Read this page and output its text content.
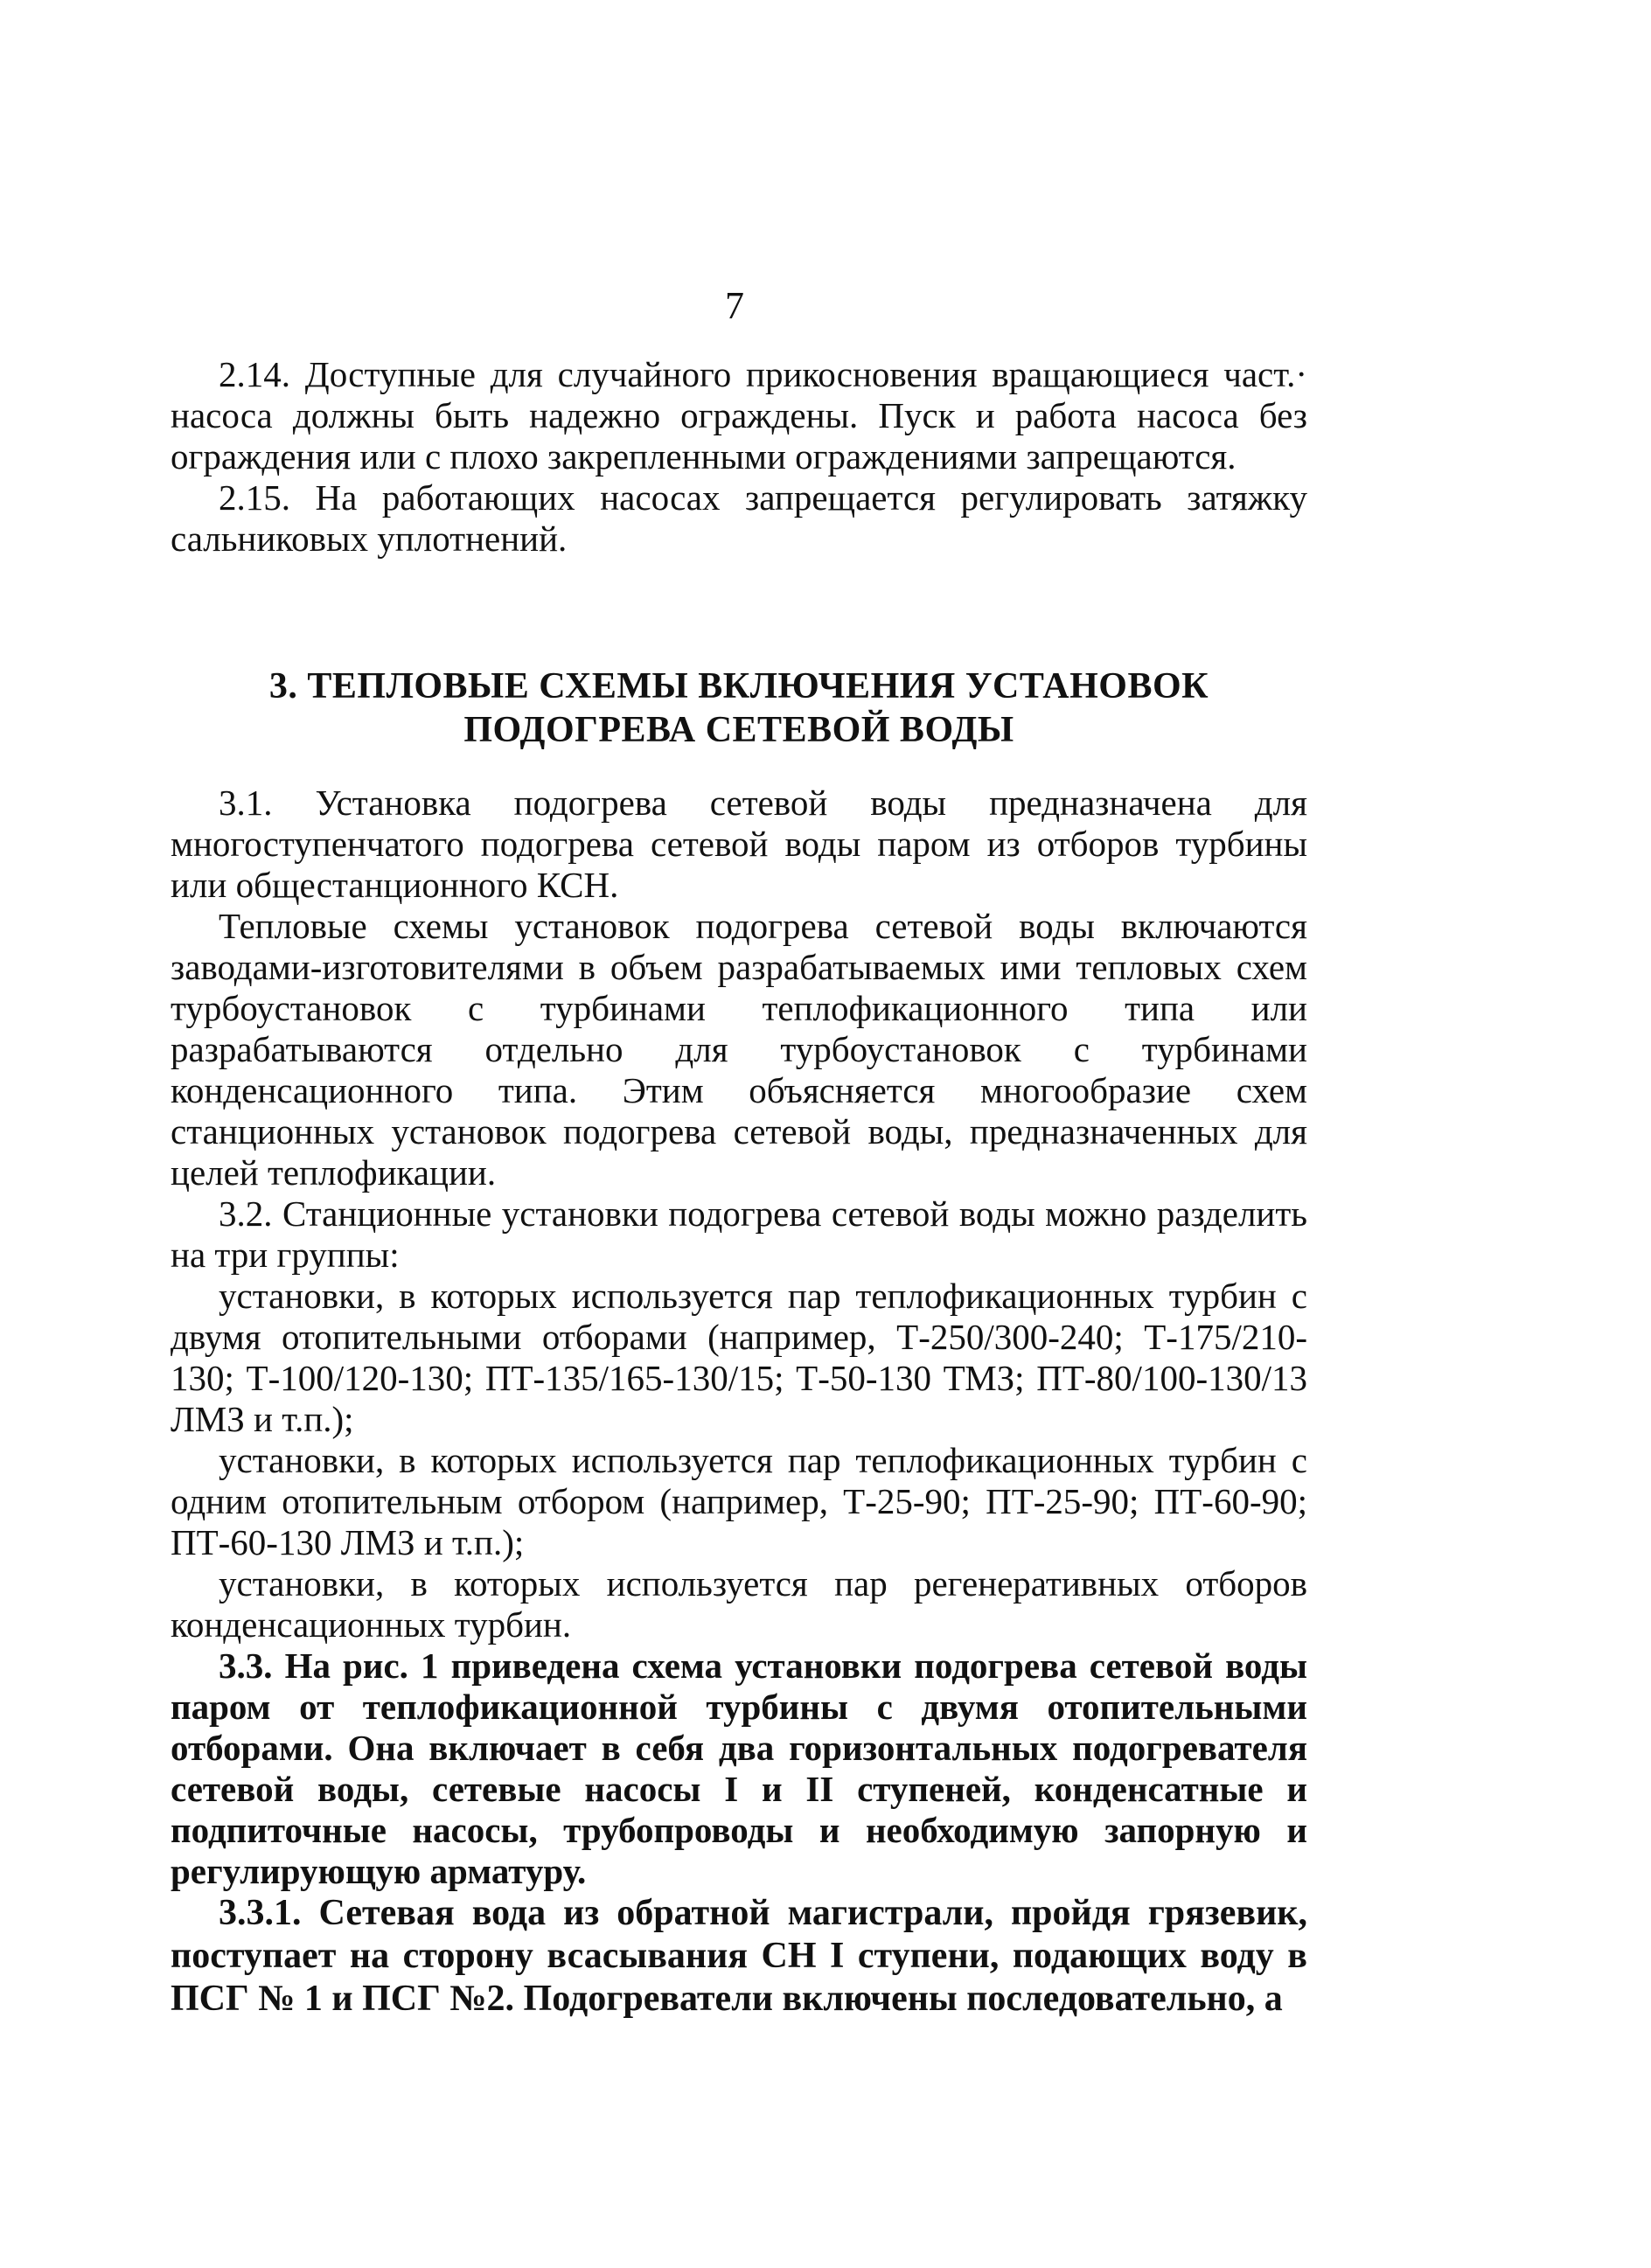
7

2.14. Доступные для случайного прикосновения вращающиеся част.· насоса должны быть надежно ограждены. Пуск и работа насоса без ограждения или с плохо закрепленными ограждениями запрещаются.

2.15. На работающих насосах запрещается регулировать затяжку сальниковых уплотнений.

3. ТЕПЛОВЫЕ СХЕМЫ ВКЛЮЧЕНИЯ УСТАНОВОК
ПОДОГРЕВА СЕТЕВОЙ ВОДЫ

3.1. Установка подогрева сетевой воды предназначена для многоступенчатого подогрева сетевой воды паром из отборов турбины или общестанционного КСН.

Тепловые схемы установок подогрева сетевой воды включаются заводами-изготовителями в объем разрабатываемых ими тепловых схем турбоустановок с турбинами теплофикационного типа или разрабатываются отдельно для турбоустановок с турбинами конденсационного типа. Этим объясняется многообразие схем станционных установок подогрева сетевой воды, предназначенных для целей теплофикации.

3.2. Станционные установки подогрева сетевой воды можно разделить на три группы:

установки, в которых используется пар теплофикационных турбин с двумя отопительными отборами (например, Т-250/300-240; Т-175/210-130; Т-100/120-130; ПТ-135/165-130/15; Т-50-130 ТМЗ; ПТ-80/100-130/13 ЛМЗ и т.п.);

установки, в которых используется пар теплофикационных турбин с одним отопительным отбором (например, Т-25-90; ПТ-25-90; ПТ-60-90; ПТ-60-130 ЛМЗ и т.п.);

установки, в которых используется пар регенеративных отборов конденсационных турбин.

3.3. На рис. 1 приведена схема установки подогрева сетевой воды паром от теплофикационной турбины с двумя отопительными отборами. Она включает в себя два горизонтальных подогревателя сетевой воды, сетевые насосы I и II ступеней, конденсатные и подпиточные насосы, трубопроводы и необходимую запорную и регулирующую арматуру.

3.3.1. Сетевая вода из обратной магистрали, пройдя грязевик, поступает на сторону всасывания СН I ступени, подающих воду в ПСГ № 1 и ПСГ №2. Подогреватели включены последовательно, а
